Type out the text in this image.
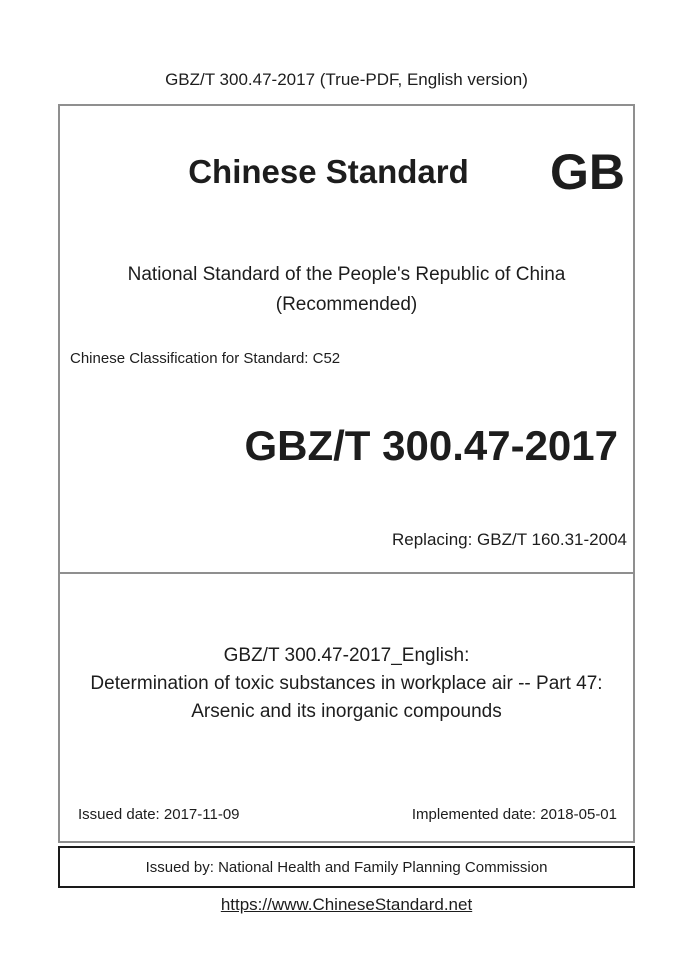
GBZ/T 300.47-2017 (True-PDF, English version)
Chinese Standard	GB
National Standard of the People's Republic of China
(Recommended)
Chinese Classification for Standard: C52
GBZ/T 300.47-2017
Replacing: GBZ/T 160.31-2004
GBZ/T 300.47-2017_English:
Determination of toxic substances in workplace air -- Part 47:
Arsenic and its inorganic compounds
Issued date: 2017-11-09	Implemented date: 2018-05-01
Issued by: National Health and Family Planning Commission
https://www.ChineseStandard.net
